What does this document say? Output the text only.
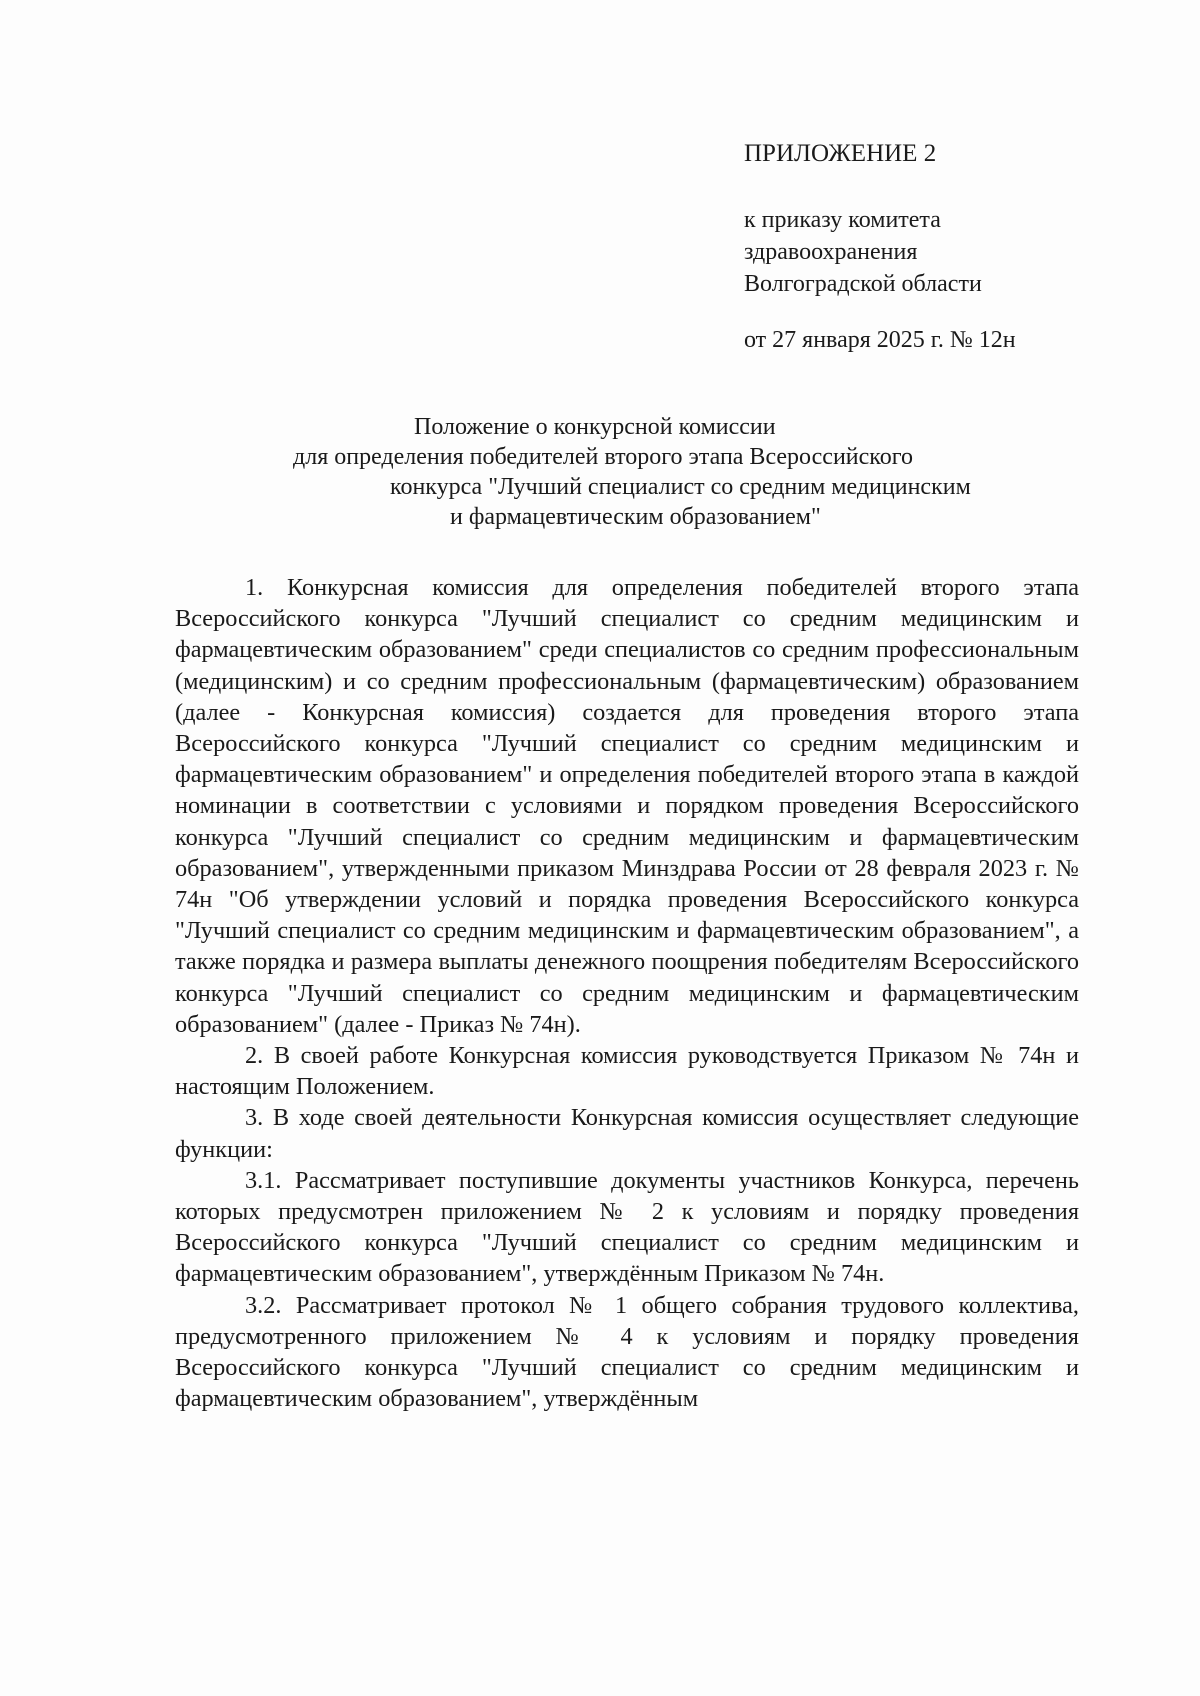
ПРИЛОЖЕНИЕ 2

к приказу комитета
здравоохранения
Волгоградской области
от 27 января 2025 г. № 12н

Положение о конкурсной комиссии

для определения победителей второго этапа Всероссийского

конкурса "Лучший специалист со средним медицинским

и фармацевтическим образованием"

1. Конкурсная комиссия для определения победителей второго этапа Всероссийского конкурса "Лучший специалист со средним медицинским и фармацевтическим образованием" среди специалистов со средним профессиональным (медицинским) и со средним профессиональным (фармацевтическим) образованием (далее - Конкурсная комиссия) создается для проведения второго этапа Всероссийского конкурса "Лучший специалист со средним медицинским и фармацевтическим образованием" и определения победителей второго этапа в каждой номинации в соответствии с условиями и порядком проведения Всероссийского конкурса "Лучший специалист со средним медицинским и фармацевтическим образованием", утвержденными приказом Минздрава России от 28 февраля 2023 г. № 74н "Об утверждении условий и порядка проведения Всероссийского конкурса "Лучший специалист со средним медицинским и фармацевтическим образованием", а также порядка и размера выплаты денежного поощрения победителям Всероссийского конкурса "Лучший специалист со средним медицинским и фармацевтическим образованием" (далее - Приказ № 74н).

2. В своей работе Конкурсная комиссия руководствуется Приказом № 74н и настоящим Положением.

3. В ходе своей деятельности Конкурсная комиссия осуществляет следующие функции:

3.1. Рассматривает поступившие документы участников Конкурса, перечень которых предусмотрен приложением № 2 к условиям и порядку проведения Всероссийского конкурса "Лучший специалист со средним медицинским и фармацевтическим образованием", утверждённым Приказом № 74н.

3.2. Рассматривает протокол № 1 общего собрания трудового коллектива, предусмотренного приложением № 4 к условиям и порядку проведения Всероссийского конкурса "Лучший специалист со средним медицинским и фармацевтическим образованием", утверждённым
